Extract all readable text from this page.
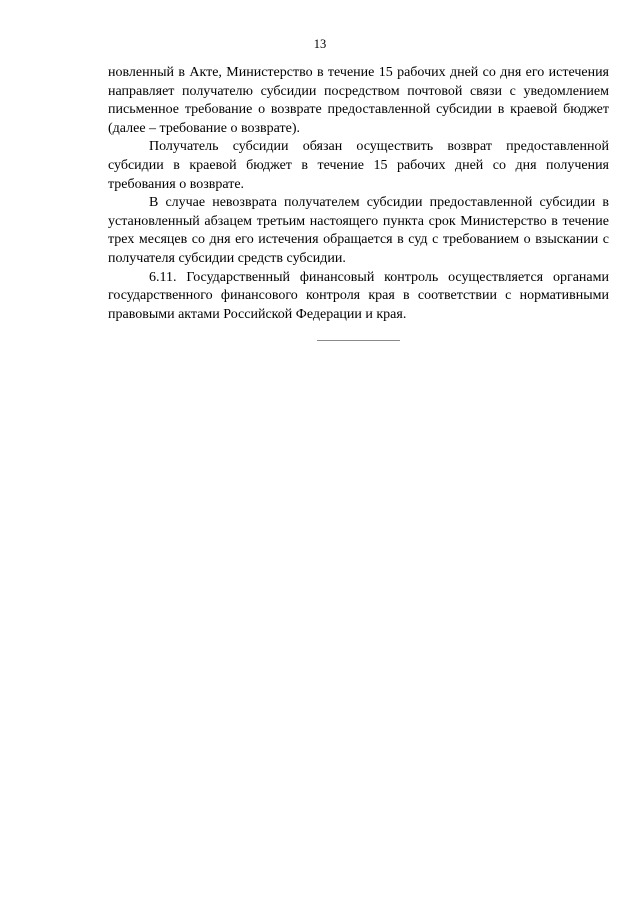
13

новленный в Акте, Министерство в течение 15 рабочих дней со дня его истечения направляет получателю субсидии посредством почтовой связи с уведомлением письменное требование о возврате предоставленной субсидии в краевой бюджет (далее – требование о возврате).

Получатель субсидии обязан осуществить возврат предоставленной субсидии в краевой бюджет в течение 15 рабочих дней со дня получения требования о возврате.

В случае невозврата получателем субсидии предоставленной субсидии в установленный абзацем третьим настоящего пункта срок Министерство в течение трех месяцев со дня его истечения обращается в суд с требованием о взыскании с получателя субсидии средств субсидии.

6.11. Государственный финансовый контроль осуществляется органами государственного финансового контроля края в соответствии с нормативными правовыми актами Российской Федерации и края.
